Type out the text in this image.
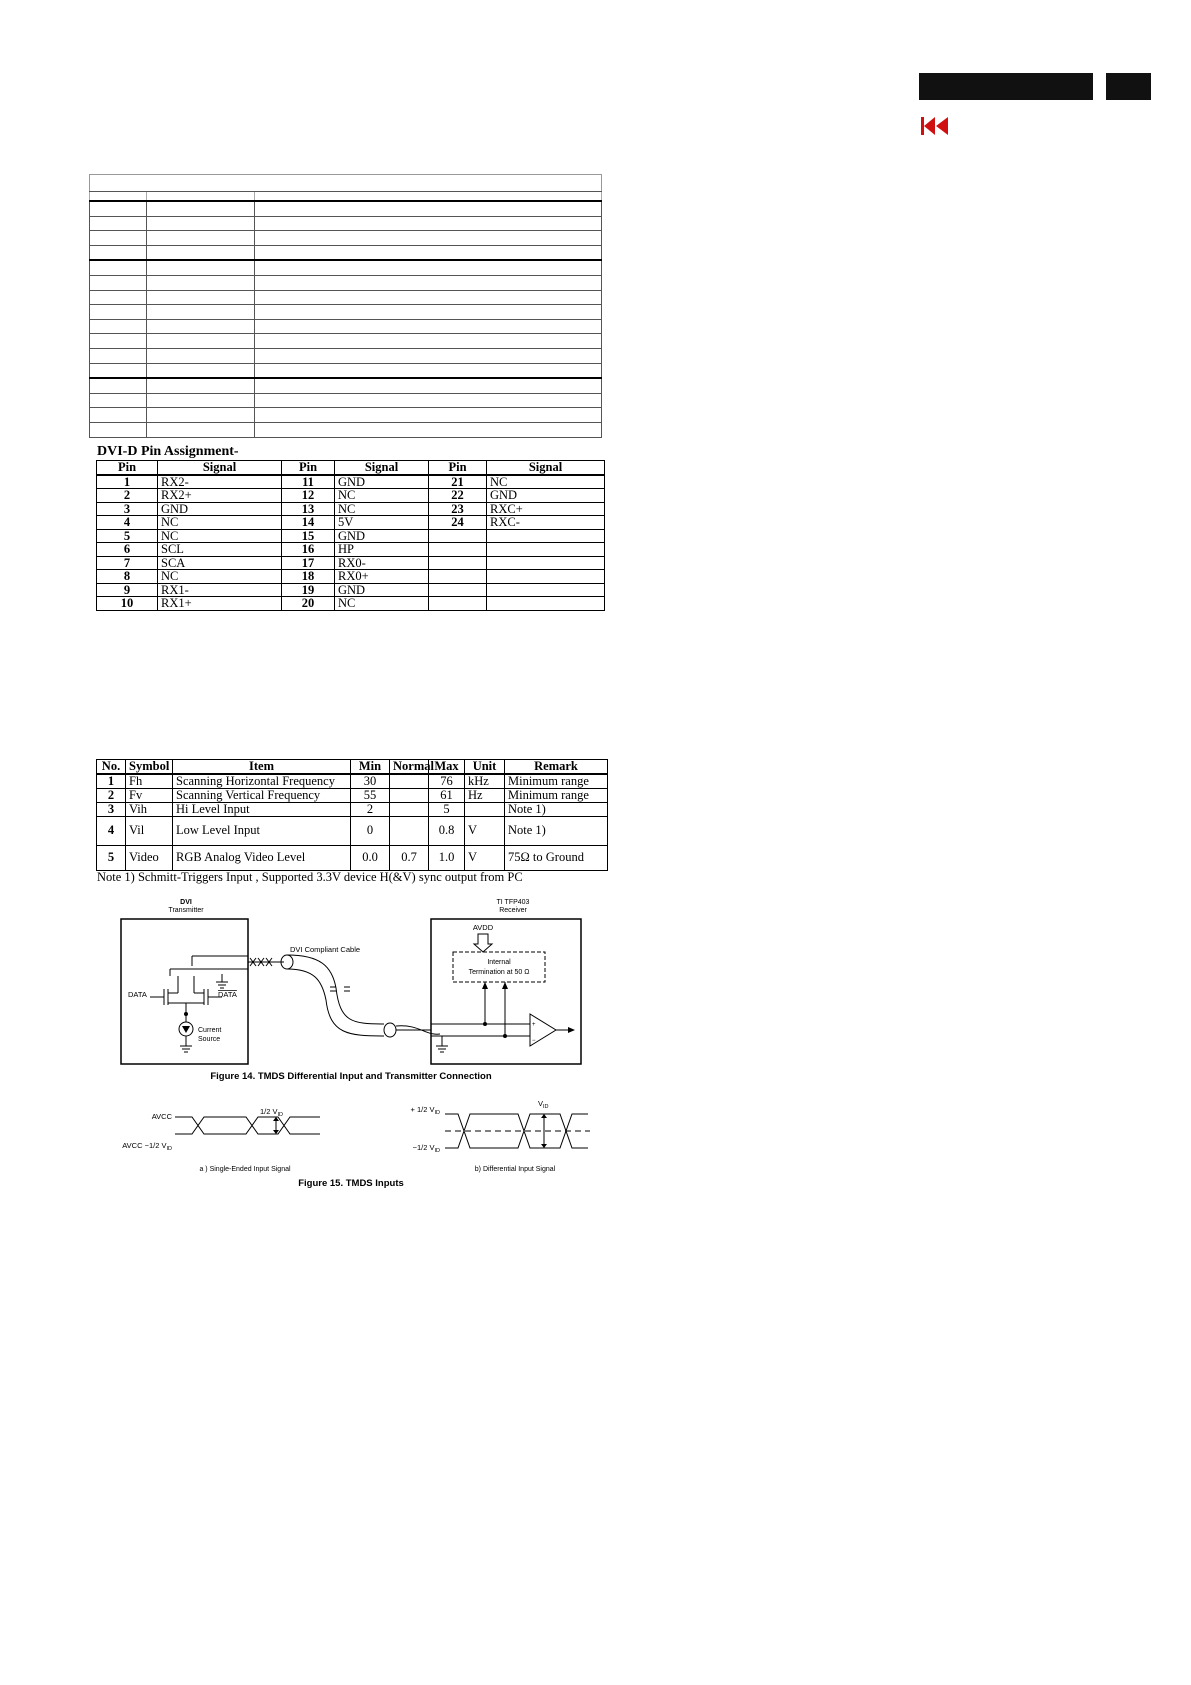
DVI-D Pin Assignment-
Pin	Signal	Pin	Signal	Pin	Signal
1	RX2-	11	GND	21	NC
2	RX2+	12	NC	22	GND
3	GND	13	NC	23	RXC+
4	NC	14	5V	24	RXC-
5	NC	15	GND		
6	SCL	16	HP		
7	SCA	17	RX0-		
8	NC	18	RX0+		
9	RX1-	19	GND		
10	RX1+	20	NC		
No.	Symbol	Item	Min	Normal	Max	Unit	Remark
1	Fh	Scanning Horizontal Frequency	30		76	kHz	Minimum range
2	Fv	Scanning Vertical Frequency	55		61	Hz	Minimum range
3	Vih	Hi Level Input	2		5		Note 1)
4	Vil	Low Level Input	0		0.8	V	Note 1)
5	Video	RGB Analog Video Level	0.0	0.7	1.0	V	75Ω to Ground
Note 1) Schmitt-Triggers Input , Supported 3.3V device H(&V) sync output from PC
DVI
Transmitter
TI TFP403
Receiver
DATA	DATA
Current
Source
DVI Compliant Cable
AVDD
+
−
Internal
Termination at 50 Ω
Figure 14. TMDS Differential Input and Transmitter Connection
AVCC
AVCC −1/2 $V_{ID}$
1/2 $V_{ID}$
a ) Single-Ended Input Signal
$V_{ID}$
+ 1/2 $V_{ID}$
−1/2 $V_{ID}$
b) Differential Input Signal
Figure 15. TMDS Inputs
